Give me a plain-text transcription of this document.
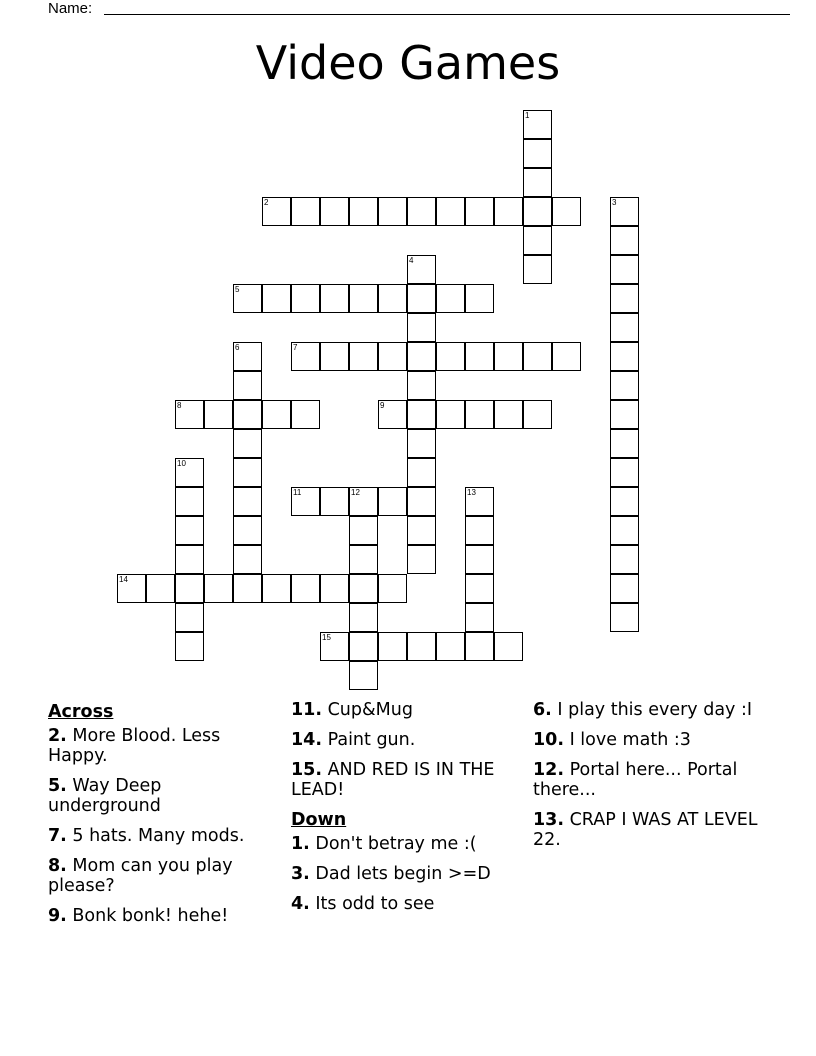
Name:
Video Games
1
2	3
4
5
6	7
8	9
10
11	12	13
14
15
Across
2. More Blood. Less Happy.
5. Way Deep underground
7. 5 hats. Many mods.
8. Mom can you play please?
9. Bonk bonk! hehe!
11. Cup&Mug
14. Paint gun.
15. AND RED IS IN THE LEAD!
Down
1. Don't betray me :(
3. Dad lets begin >=D
4. Its odd to see
6. I play this every day :I
10. I love math :3
12. Portal here... Portal there...
13. CRAP I WAS AT LEVEL 22.
